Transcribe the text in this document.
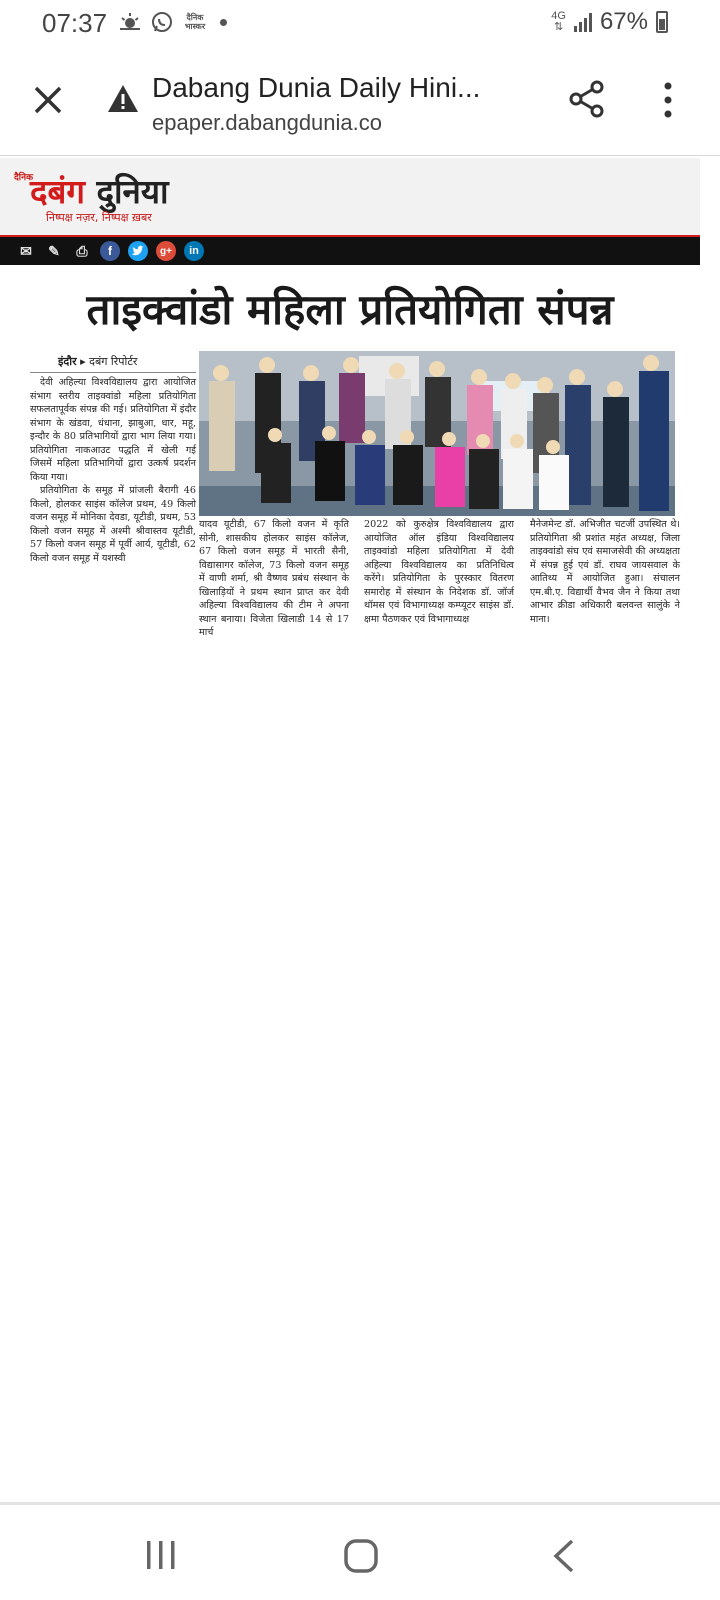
07:37	दैनिक
भास्कर
4G
⇅ 67%
Dabang Dunia Daily Hini...
epaper.dabangdunia.co
दैनिक
दबंग दुनिया
निष्पक्ष नज़र, निष्पक्ष ख़बर
✉ ✎	⎙	f	g+	in
ताइक्वांडो महिला प्रतियोगिता संपन्न
इंदौर ▸ दबंग रिपोर्टर

देवी अहिल्या विश्वविद्यालय द्वारा आयोजित संभाग स्तरीय ताइक्वांडो महिला प्रतियोगिता सफलतापूर्वक संपन्न की गई। प्रतियोगिता में इंदौर संभाग के खंडवा, धंधाना, झाबुआ, धार, महू, इन्दौर के 80 प्रतिभागियों द्वारा भाग लिया गया। प्रतियोगिता नाकआउट पद्धति में खेली गई जिसमें महिला प्रतिभागियों द्वारा उत्कर्ष प्रदर्शन किया गया।

प्रतियोगिता के समूह में प्रांजली बैरागी 46 किलो, होलकर साइंस कॉलेज प्रथम, 49 किलो वजन समूह में मोनिका देवडा, यूटीडी, प्रथम, 53 किलो वजन समूह में अश्मी श्रीवास्तव यूटीडी, 57 किलो वजन समूह में पूर्वी आर्य, यूटीडी, 62 किलो वजन समूह में यशस्वी

यादव यूटीडी, 67 किलो वजन में कृति सोनी, शासकीय होलकर साइंस कॉलेज, 67 किलो वजन समूह में भारती सैनी, विद्यासागर कॉलेज, 73 किलो वजन समूह में वाणी शर्मा, श्री वैष्णव प्रबंध संस्थान के खिलाड़ियों ने प्रथम स्थान प्राप्त कर देवी अहिल्या विश्वविद्यालय की टीम ने अपना स्थान बनाया। विजेता खिलाडी 14 से 17 मार्च

2022 को कुरुक्षेत्र विश्वविद्यालय द्वारा आयोजित ऑल इंडिया विश्वविद्यालय ताइक्वांडो महिला प्रतियोगिता में देवी अहिल्या विश्वविद्यालय का प्रतिनिधित्व करेंगे। प्रतियोगिता के पुरस्कार वितरण समारोह में संस्थान के निदेशक डॉ. जॉर्ज थॉमस एवं विभागाध्यक्ष कम्प्यूटर साइंस डॉ. क्षमा पैठणकर एवं विभागाध्यक्ष

मैनेजमेन्ट डॉ. अभिजीत चटर्जी उपस्थित थे। प्रतियोगिता श्री प्रशांत महंत अध्यक्ष, जिला ताइक्वांडो संघ एवं समाजसेवी की अध्यक्षता में संपन्न हुई एवं डॉ. राघव जायसवाल के आतिथ्य में आयोजित हुआ। संचालन एम.बी.ए. विद्यार्थी वैभव जैन ने किया तथा आभार क्रीडा अधिकारी बलवन्त सालुंके ने माना।
